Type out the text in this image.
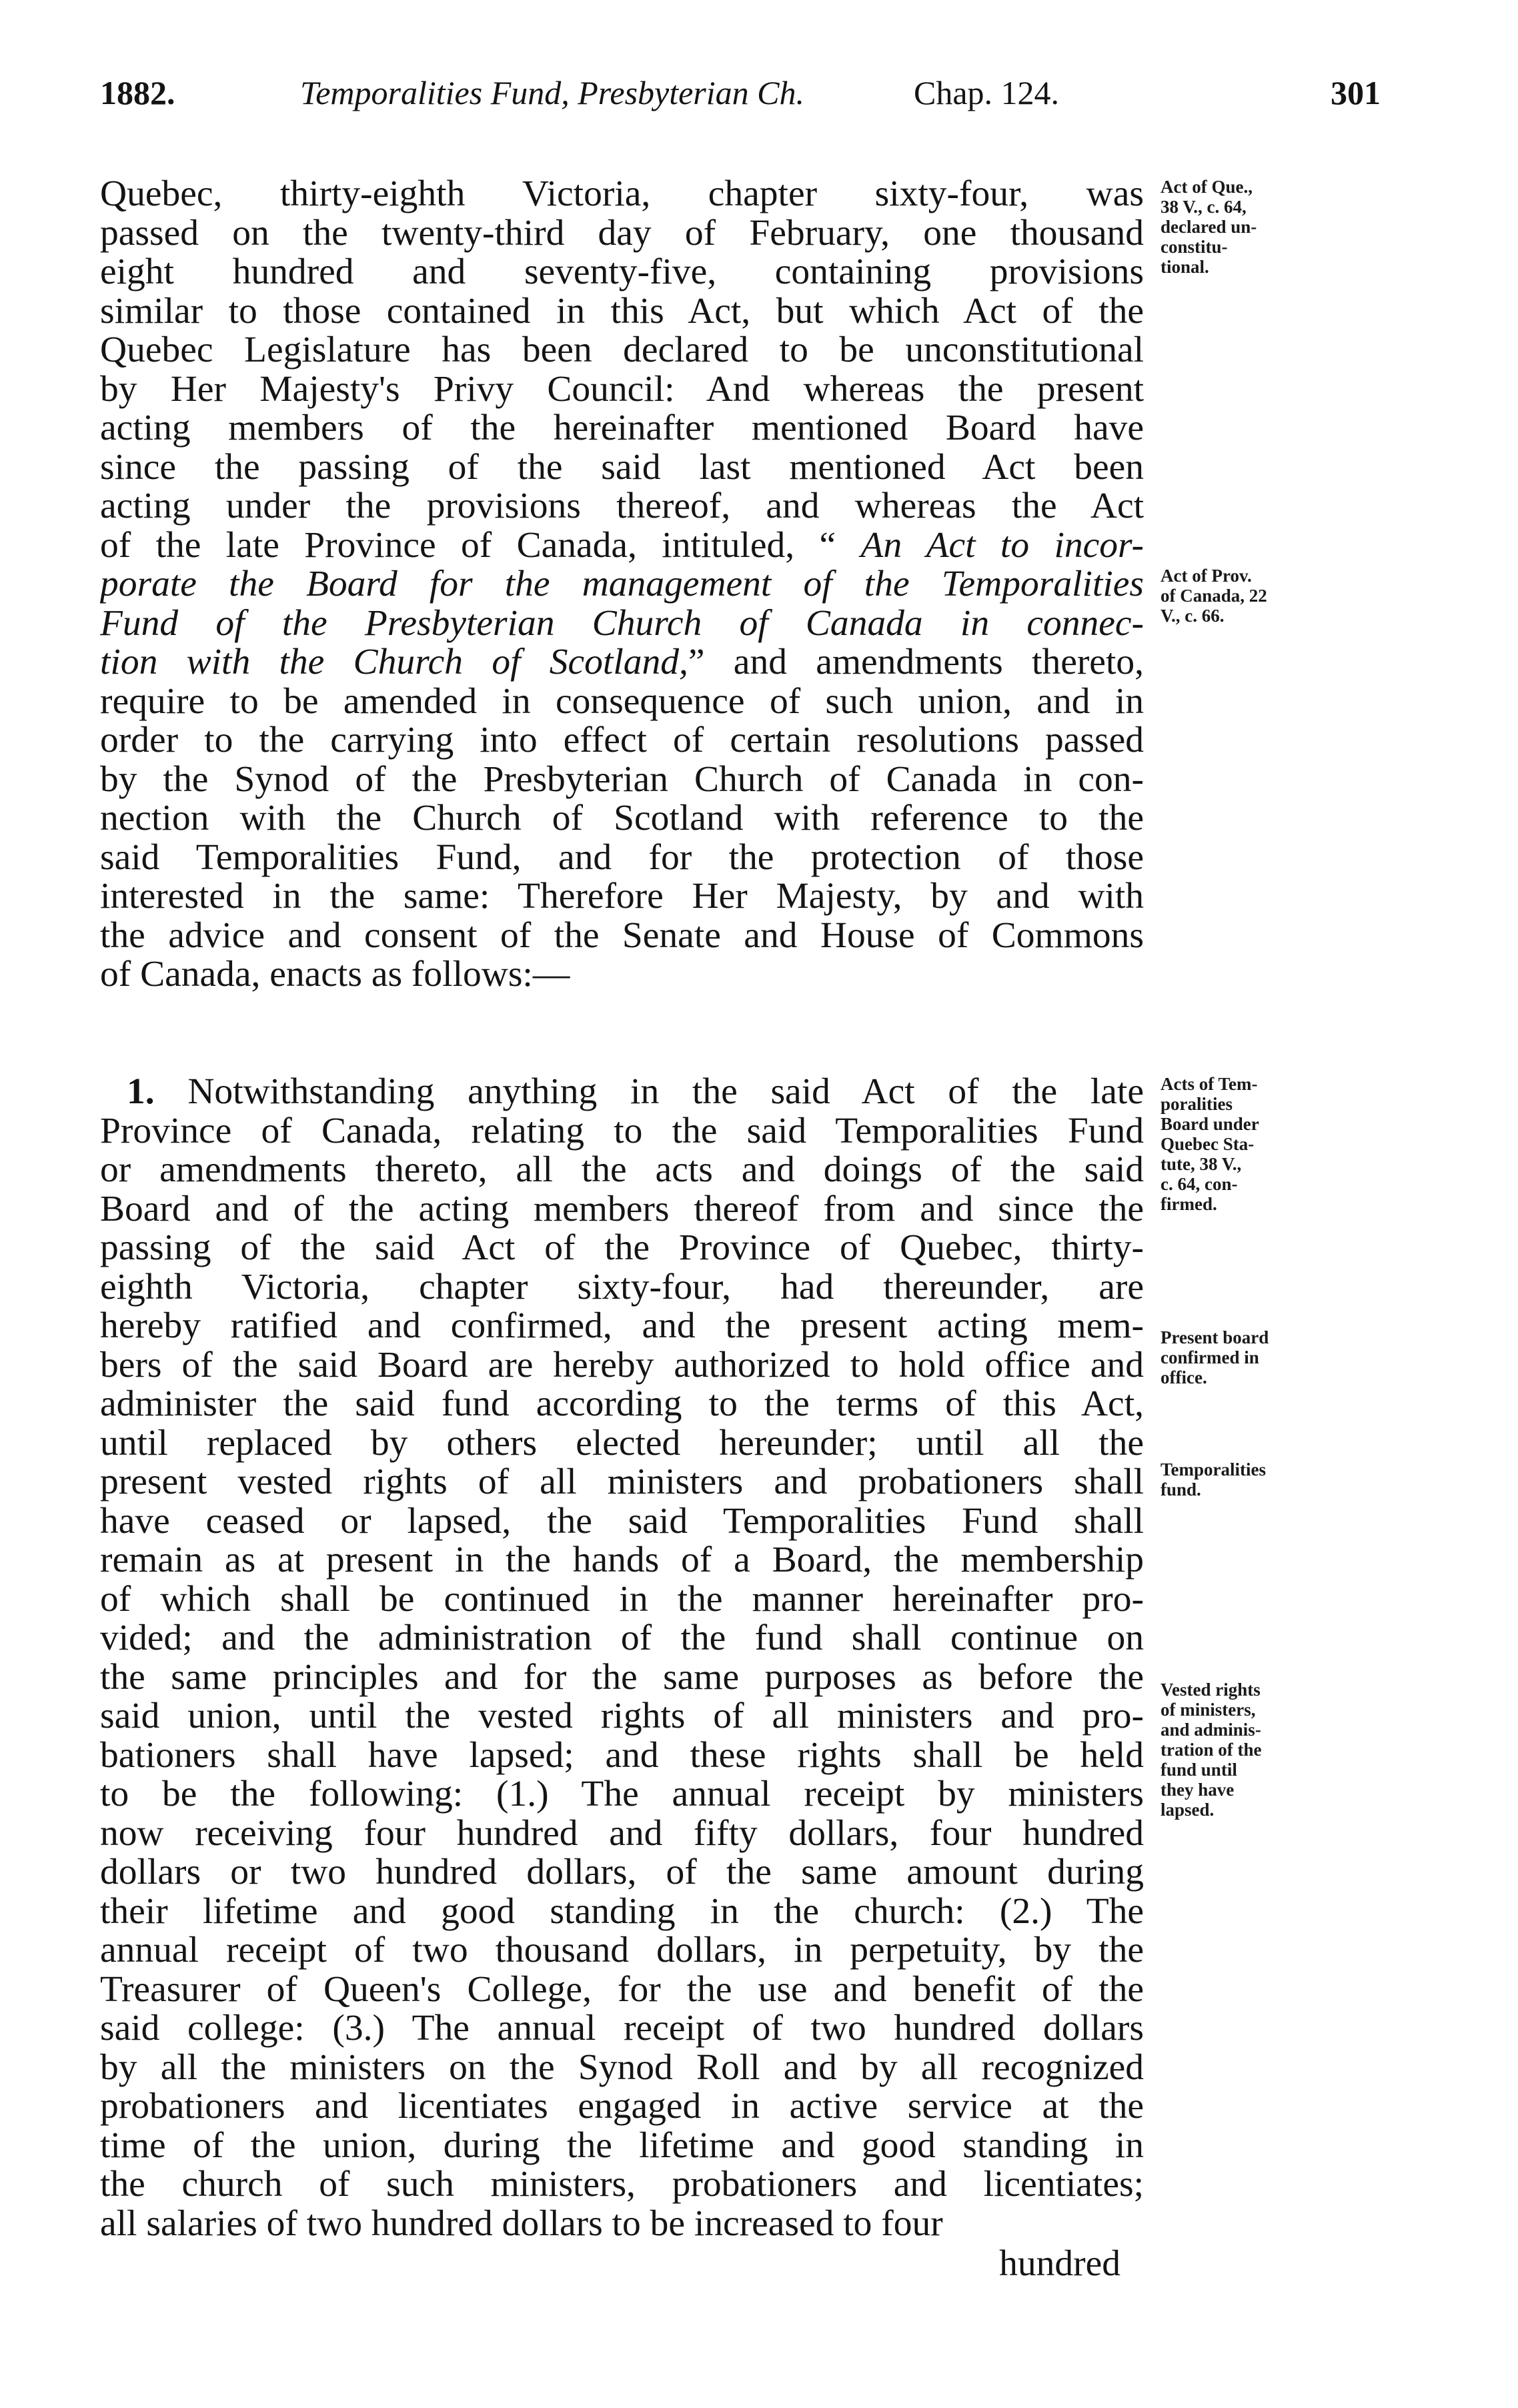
1882.	Temporalities Fund, Presbyterian Ch.	Chap. 124.	301

Quebec, thirty-eighth Victoria, chapter sixty-four, was
passed on the twenty-third day of February, one thousand
eight hundred and seventy-five, containing provisions
similar to those contained in this Act, but which Act of the
Quebec Legislature has been declared to be unconstitutional
by Her Majesty's Privy Council: And whereas the present
acting members of the hereinafter mentioned Board have
since the passing of the said last mentioned Act been
acting under the provisions thereof, and whereas the Act
of the late Province of Canada, intituled, “ An Act to incor-
porate the Board for the management of the Temporalities
Fund of the Presbyterian Church of Canada in connec-
tion with the Church of Scotland,” and amendments thereto,
require to be amended in consequence of such union, and in
order to the carrying into effect of certain resolutions passed
by the Synod of the Presbyterian Church of Canada in con-
nection with the Church of Scotland with reference to the
said Temporalities Fund, and for the protection of those
interested in the same: Therefore Her Majesty, by and with
the advice and consent of the Senate and House of Commons
of Canada, enacts as follows:—

1. Notwithstanding anything in the said Act of the late
Province of Canada, relating to the said Temporalities Fund
or amendments thereto, all the acts and doings of the said
Board and of the acting members thereof from and since the
passing of the said Act of the Province of Quebec, thirty-
eighth Victoria, chapter sixty-four, had thereunder, are
hereby ratified and confirmed, and the present acting mem-
bers of the said Board are hereby authorized to hold office and
administer the said fund according to the terms of this Act,
until replaced by others elected hereunder; until all the
present vested rights of all ministers and probationers shall
have ceased or lapsed, the said Temporalities Fund shall
remain as at present in the hands of a Board, the membership
of which shall be continued in the manner hereinafter pro-
vided; and the administration of the fund shall continue on
the same principles and for the same purposes as before the
said union, until the vested rights of all ministers and pro-
bationers shall have lapsed; and these rights shall be held
to be the following: (1.) The annual receipt by ministers
now receiving four hundred and fifty dollars, four hundred
dollars or two hundred dollars, of the same amount during
their lifetime and good standing in the church: (2.) The
annual receipt of two thousand dollars, in perpetuity, by the
Treasurer of Queen's College, for the use and benefit of the
said college: (3.) The annual receipt of two hundred dollars
by all the ministers on the Synod Roll and by all recognized
probationers and licentiates engaged in active service at the
time of the union, during the lifetime and good standing in
the church of such ministers, probationers and licentiates;
all salaries of two hundred dollars to be increased to four

hundred

Act of Que.,
38 V., c. 64,
declared un-
constitu-
tional.
Act of Prov.
of Canada, 22
V., c. 66.
Acts of Tem-
poralities
Board under
Quebec Sta-
tute, 38 V.,
c. 64, con-
firmed.
Present board
confirmed in
office.
Temporalities
fund.
Vested rights
of ministers,
and adminis-
tration of the
fund until
they have
lapsed.
